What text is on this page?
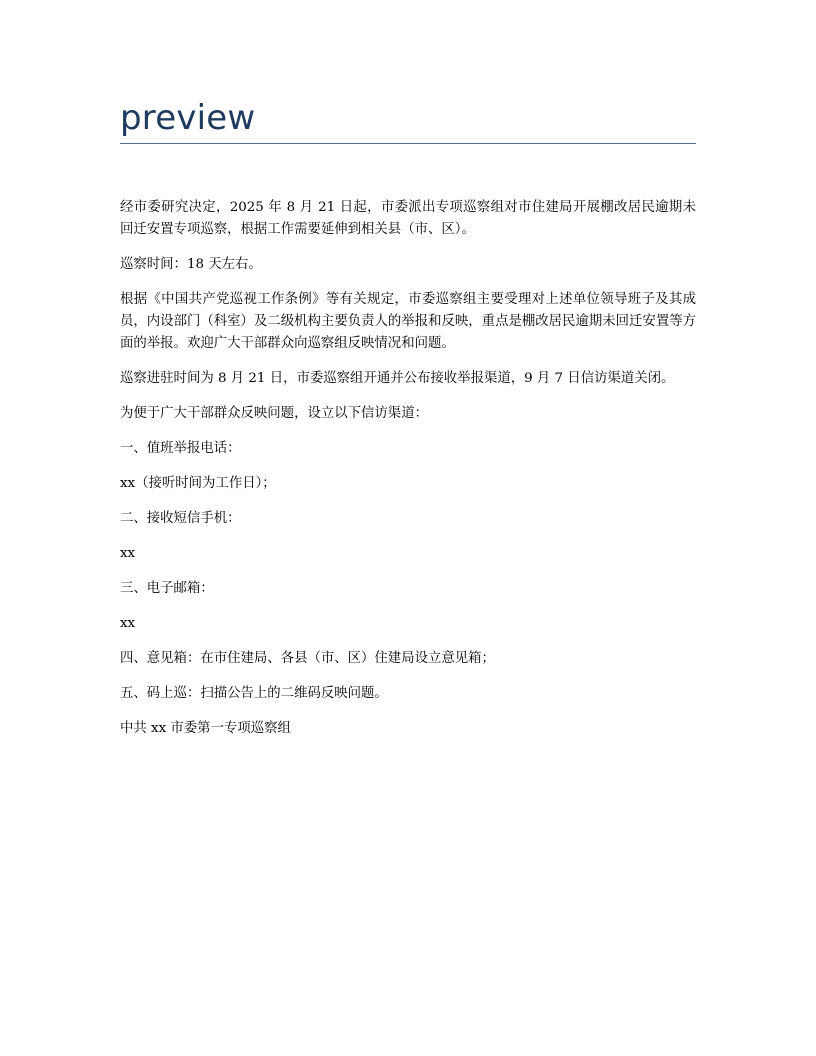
preview

经市委研究决定，2025 年 8 月 21 日起，市委派出专项巡察组对市住建局开展棚改居民逾期未回迁安置专项巡察，根据工作需要延伸到相关县（市、区）。

巡察时间：18 天左右。

根据《中国共产党巡视工作条例》等有关规定，市委巡察组主要受理对上述单位领导班子及其成员，内设部门（科室）及二级机构主要负责人的举报和反映，重点是棚改居民逾期未回迁安置等方面的举报。欢迎广大干部群众向巡察组反映情况和问题。

巡察进驻时间为 8 月 21 日，市委巡察组开通并公布接收举报渠道，9 月 7 日信访渠道关闭。

为便于广大干部群众反映问题，设立以下信访渠道：

一、值班举报电话：

xx（接听时间为工作日）；

二、接收短信手机：

xx

三、电子邮箱：

xx

四、意见箱：在市住建局、各县（市、区）住建局设立意见箱；

五、码上巡：扫描公告上的二维码反映问题。

中共 xx 市委第一专项巡察组
